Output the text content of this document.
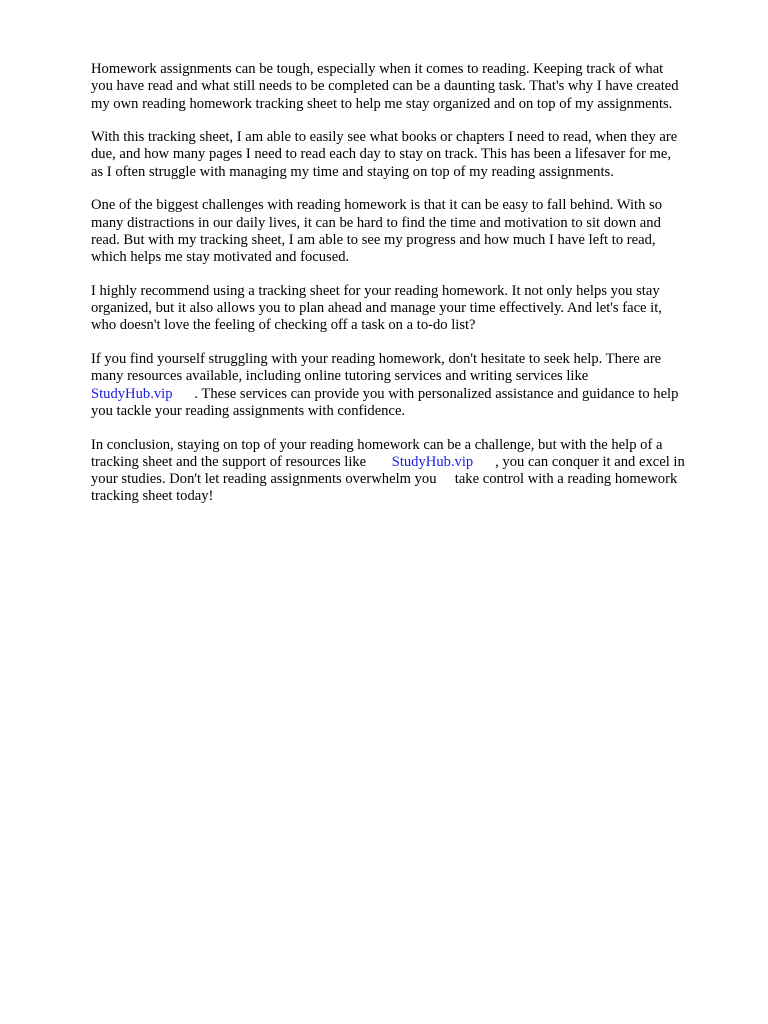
Homework assignments can be tough, especially when it comes to reading. Keeping track of what
you have read and what still needs to be completed can be a daunting task. That's why I have created
my own reading homework tracking sheet to help me stay organized and on top of my assignments.

With this tracking sheet, I am able to easily see what books or chapters I need to read, when they are
due, and how many pages I need to read each day to stay on track. This has been a lifesaver for me,
as I often struggle with managing my time and staying on top of my reading assignments.

One of the biggest challenges with reading homework is that it can be easy to fall behind. With so
many distractions in our daily lives, it can be hard to find the time and motivation to sit down and
read. But with my tracking sheet, I am able to see my progress and how much I have left to read,
which helps me stay motivated and focused.

I highly recommend using a tracking sheet for your reading homework. It not only helps you stay
organized, but it also allows you to plan ahead and manage your time effectively. And let's face it,
who doesn't love the feeling of checking off a task on a to-do list?

If you find yourself struggling with your reading homework, don't hesitate to seek help. There are
many resources available, including online tutoring services and writing services like
StudyHub.vip      . These services can provide you with personalized assistance and guidance to help
you tackle your reading assignments with confidence.

In conclusion, staying on top of your reading homework can be a challenge, but with the help of a
tracking sheet and the support of resources like       StudyHub.vip      , you can conquer it and excel in
your studies. Don't let reading assignments overwhelm you     take control with a reading homework
tracking sheet today!
